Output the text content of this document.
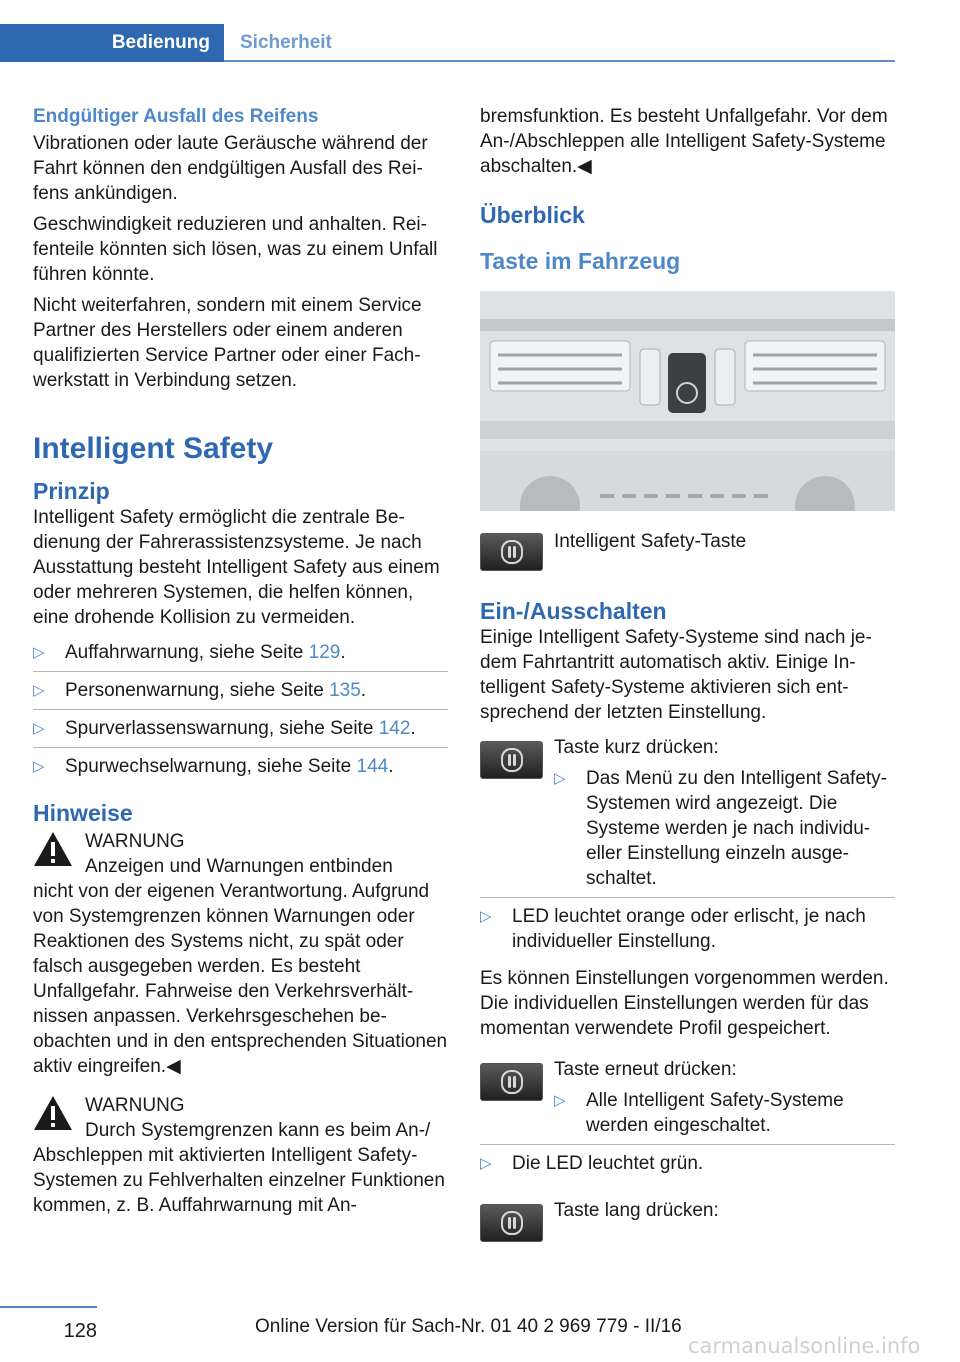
Bedienung	Sicherheit
Endgültiger Ausfall des Reifens
Vibrationen oder laute Geräusche während der Fahrt können den endgültigen Ausfall des Reifens ankündigen.
Geschwindigkeit reduzieren und anhalten. Reifenteile könnten sich lösen, was zu einem Unfall führen könnte.
Nicht weiterfahren, sondern mit einem Service Partner des Herstellers oder einem anderen qualifizierten Service Partner oder einer Fachwerkstatt in Verbindung setzen.
Intelligent Safety
Prinzip
Intelligent Safety ermöglicht die zentrale Bedienung der Fahrerassistenzsysteme. Je nach Ausstattung besteht Intelligent Safety aus einem oder mehreren Systemen, die helfen können, eine drohende Kollision zu vermeiden.
▷ Auffahrwarnung, siehe Seite 129.
▷ Personenwarnung, siehe Seite 135.
▷ Spurverlassenswarnung, siehe Seite 142.
▷ Spurwechselwarnung, siehe Seite 144.
Hinweise
WARNUNG
Anzeigen und Warnungen entbinden
nicht von der eigenen Verantwortung. Aufgrund von Systemgrenzen können Warnungen oder Reaktionen des Systems nicht, zu spät oder falsch ausgegeben werden. Es besteht Unfallgefahr. Fahrweise den Verkehrsverhältnissen anpassen. Verkehrsgeschehen beobachten und in den entsprechenden Situationen aktiv eingreifen.◀
WARNUNG
Durch Systemgrenzen kann es beim An-/
Abschleppen mit aktivierten Intelligent Safety-Systemen zu Fehlverhalten einzelner Funktionen kommen, z. B. Auffahrwarnung mit An-
bremsfunktion. Es besteht Unfallgefahr. Vor dem An-/Abschleppen alle Intelligent Safety-Systeme abschalten.◀
Überblick
Taste im Fahrzeug
Intelligent Safety-Taste
Ein-/Ausschalten
Einige Intelligent Safety-Systeme sind nach jedem Fahrtantritt automatisch aktiv. Einige Intelligent Safety-Systeme aktivieren sich entsprechend der letzten Einstellung.
Taste kurz drücken:
▷ Das Menü zu den Intelligent Safety-Systemen wird angezeigt. Die Systeme werden je nach individueller Einstellung einzeln ausgeschaltet.
▷ LED leuchtet orange oder erlischt, je nach individueller Einstellung.
Es können Einstellungen vorgenommen werden. Die individuellen Einstellungen werden für das momentan verwendete Profil gespeichert.
Taste erneut drücken:
▷ Alle Intelligent Safety-Systeme werden eingeschaltet.
▷ Die LED leuchtet grün.
Taste lang drücken:
128	Online Version für Sach-Nr. 01 40 2 969 779 - II/16
carmanualsonline.info
